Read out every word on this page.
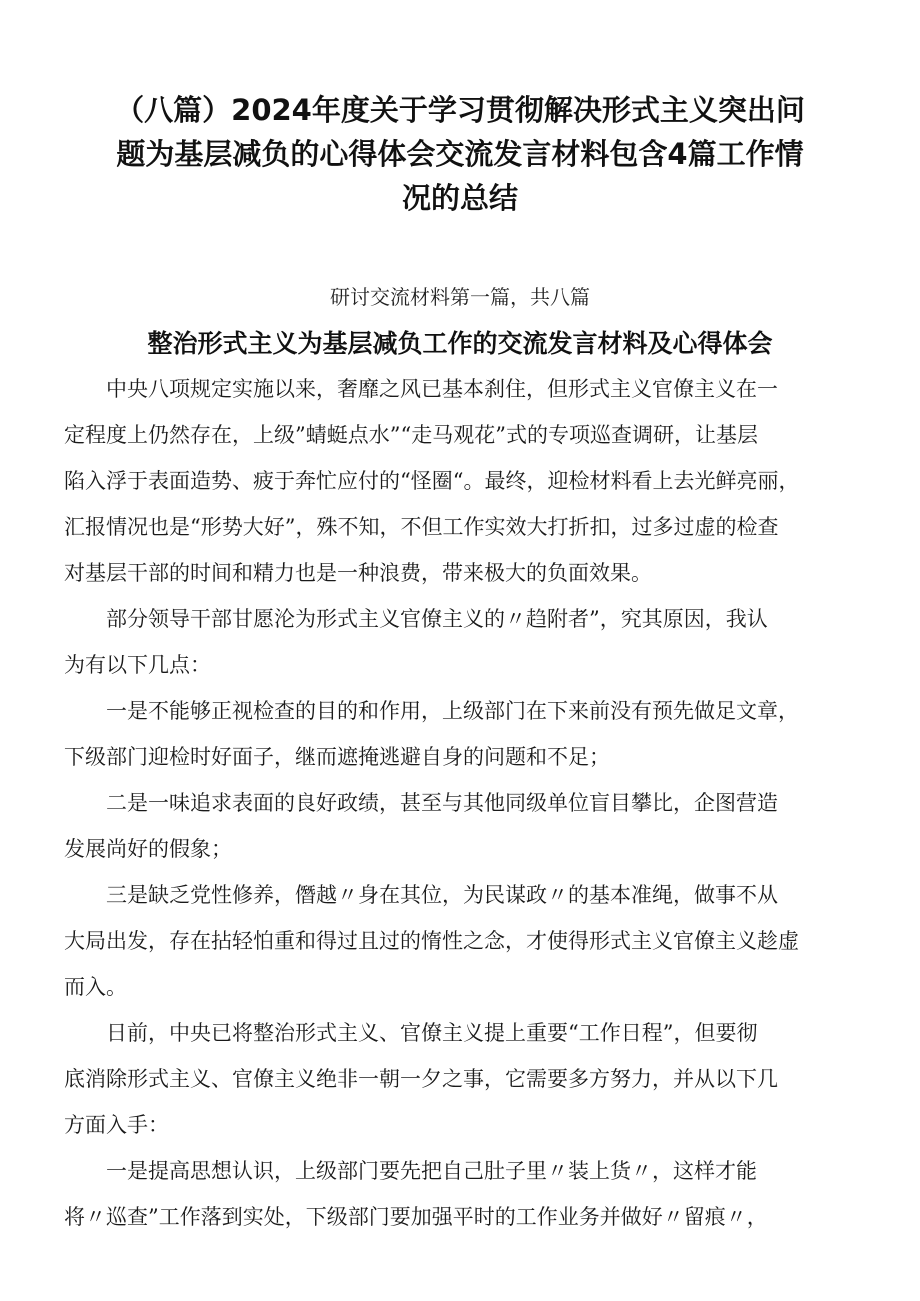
（八篇）2024年度关于学习贯彻解决形式主义突出问
题为基层减负的心得体会交流发言材料包含4篇工作情
况的总结
研讨交流材料第一篇，共八篇
整治形式主义为基层减负工作的交流发言材料及心得体会
中央八项规定实施以来，奢靡之风已基本刹住，但形式主义官僚主义在一
定程度上仍然存在，上级”蜻蜓点水”“走马观花”式的专项巡查调研，让基层
陷入浮于表面造势、疲于奔忙应付的“怪圈“。最终，迎检材料看上去光鲜亮丽，
汇报情况也是“形势大好”，殊不知，不但工作实效大打折扣，过多过虚的检查
对基层干部的时间和精力也是一种浪费，带来极大的负面效果。
部分领导干部甘愿沦为形式主义官僚主义的〃趋附者”，究其原因，我认
为有以下几点：
一是不能够正视检查的目的和作用，上级部门在下来前没有预先做足文章，
下级部门迎检时好面子，继而遮掩逃避自身的问题和不足；
二是一味追求表面的良好政绩，甚至与其他同级单位盲目攀比，企图营造
发展尚好的假象；
三是缺乏党性修养，僭越〃身在其位，为民谋政〃的基本准绳，做事不从
大局出发，存在拈轻怕重和得过且过的惰性之念，才使得形式主义官僚主义趁虚
而入。
日前，中央已将整治形式主义、官僚主义提上重要“工作日程”，但要彻
底消除形式主义、官僚主义绝非一朝一夕之事，它需要多方努力，并从以下几
方面入手：
一是提高思想认识，上级部门要先把自己肚子里〃装上货〃，这样才能
将〃巡查”工作落到实处，下级部门要加强平时的工作业务并做好〃留痕〃，
